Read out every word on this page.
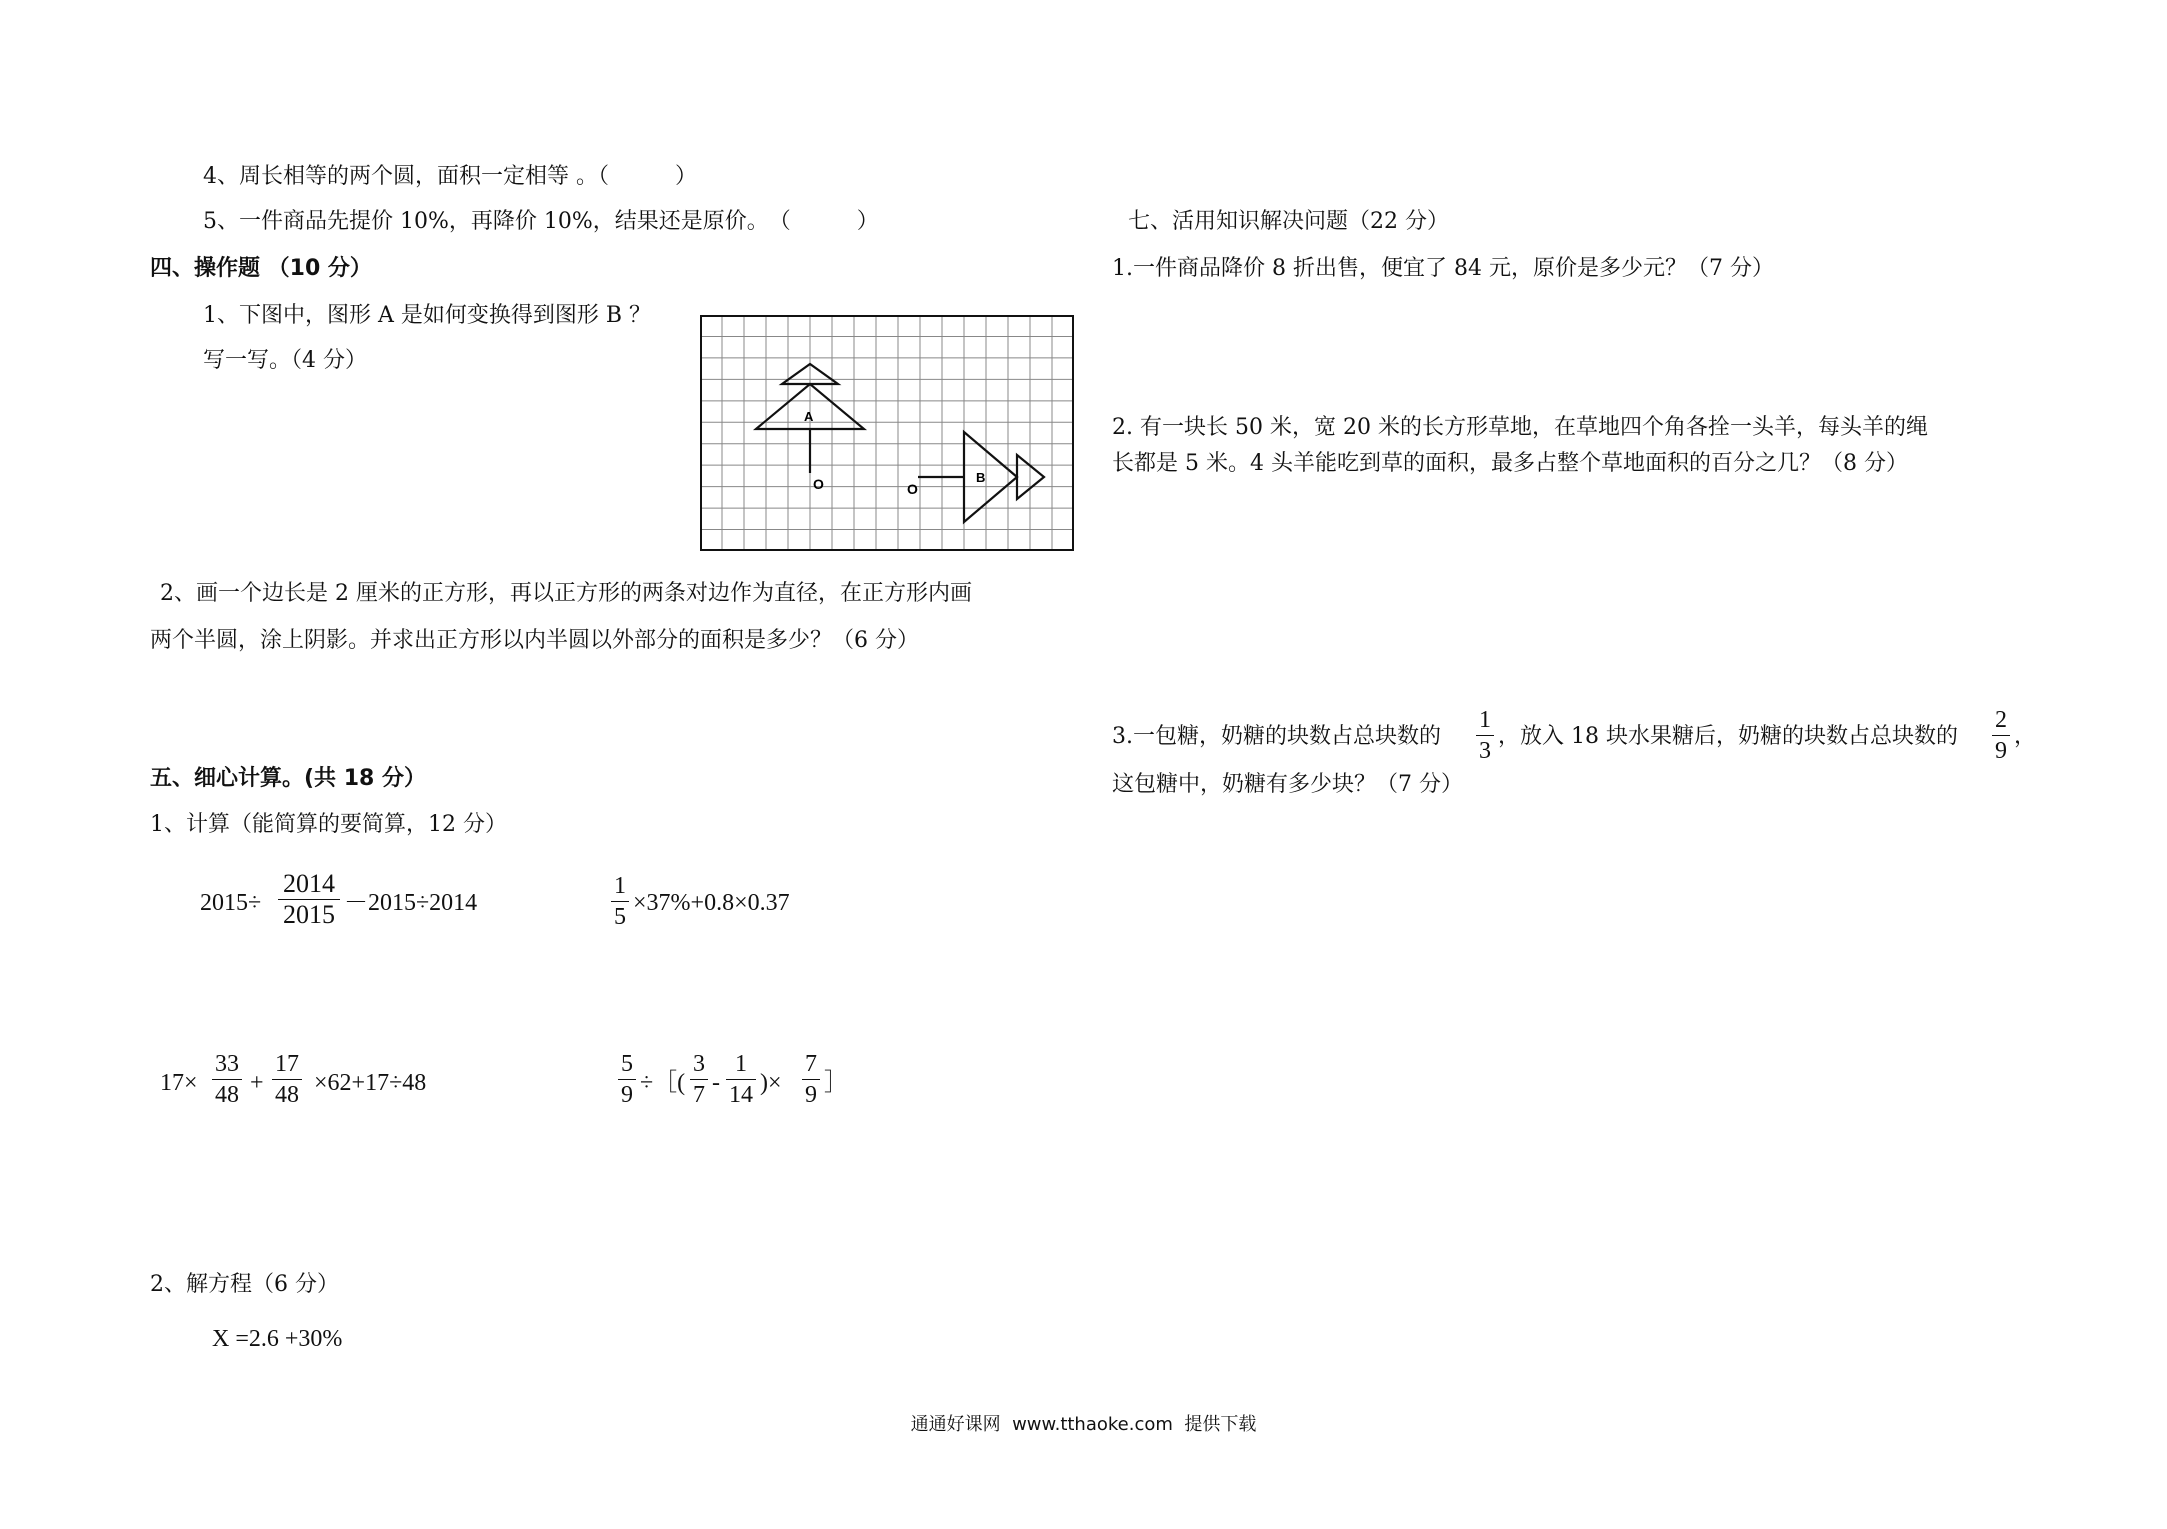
4、周长相等的两个圆，面积一定相等 。（　　　）
5、一件商品先提价 10%，再降价 10%，结果还是原价。　（　　　）
四、操作题 （10 分）
1、下图中，图形 A 是如何变换得到图形 B ？
写一写。（4 分）
A
B
O	O
2、画一个边长是 2 厘米的正方形，再以正方形的两条对边作为直径，在正方形内画
两个半圆，涂上阴影。并求出正方形以内半圆以外部分的面积是多少？（6 分）
五、细心计算。(共 18 分）
1、计算（能简算的要简算，12 分）
2015÷
2014
2015 －2015÷2014
1
5
×37%+0.8×0.37
17×
33
48 +
17
48 ×62+17÷48
5
9 ÷［(
3
7 -
1
14 )×
7
9 ］
2、解方程（6 分）
X =2.6 +30%
七、活用知识解决问题（22 分）
1.一件商品降价 8 折出售，便宜了 84 元，原价是多少元？（7 分）
2. 有一块长 50 米，宽 20 米的长方形草地，在草地四个角各拴一头羊，每头羊的绳
长都是 5 米。4 头羊能吃到草的面积，最多占整个草地面积的百分之几？（8 分）
3.一包糖，奶糖的块数占总块数的
1
3
，放入 18 块水果糖后，奶糖的块数占总块数的
2
9
，
这包糖中，奶糖有多少块？（7 分）
通通好课网  www.tthaoke.com  提供下载
